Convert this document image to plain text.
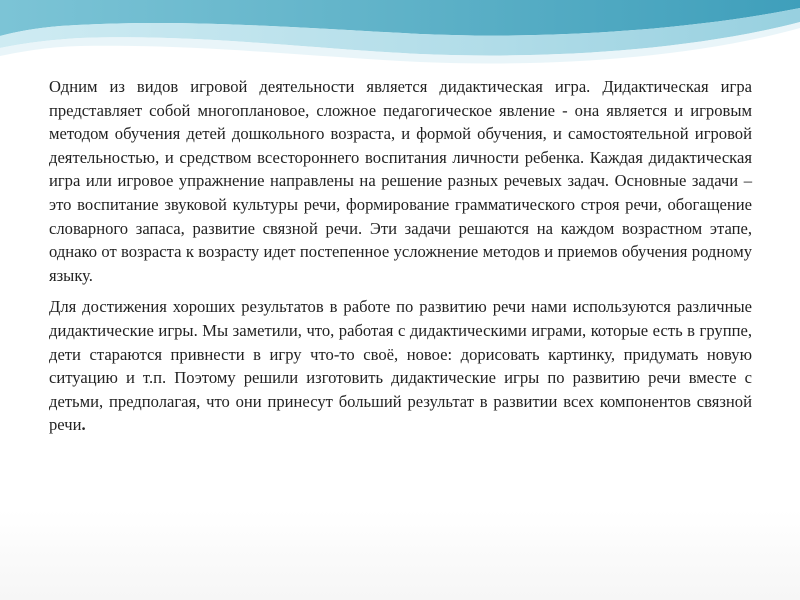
Одним из видов игровой деятельности является дидактическая игра. Дидактическая игра представляет собой многоплановое, сложное педагогическое явление - она является и игровым методом обучения детей дошкольного возраста, и формой обучения, и самостоятельной игровой деятельностью, и средством всестороннего воспитания личности ребенка. Каждая дидактическая игра или игровое упражнение направлены на решение разных речевых задач. Основные задачи – это воспитание звуковой культуры речи, формирование грамматического строя речи, обогащение словарного запаса, развитие связной речи. Эти задачи решаются на каждом возрастном этапе, однако от возраста к возрасту идет постепенное усложнение методов и приемов обучения родному языку.

Для достижения хороших результатов в работе по развитию речи нами используются различные дидактические игры. Мы заметили, что, работая с дидактическими играми, которые есть в группе, дети стараются привнести в игру что-то своё, новое: дорисовать картинку, придумать новую ситуацию и т.п. Поэтому решили изготовить дидактические игры по развитию речи вместе с детьми, предполагая, что они принесут больший результат в развитии всех компонентов связной речи.
